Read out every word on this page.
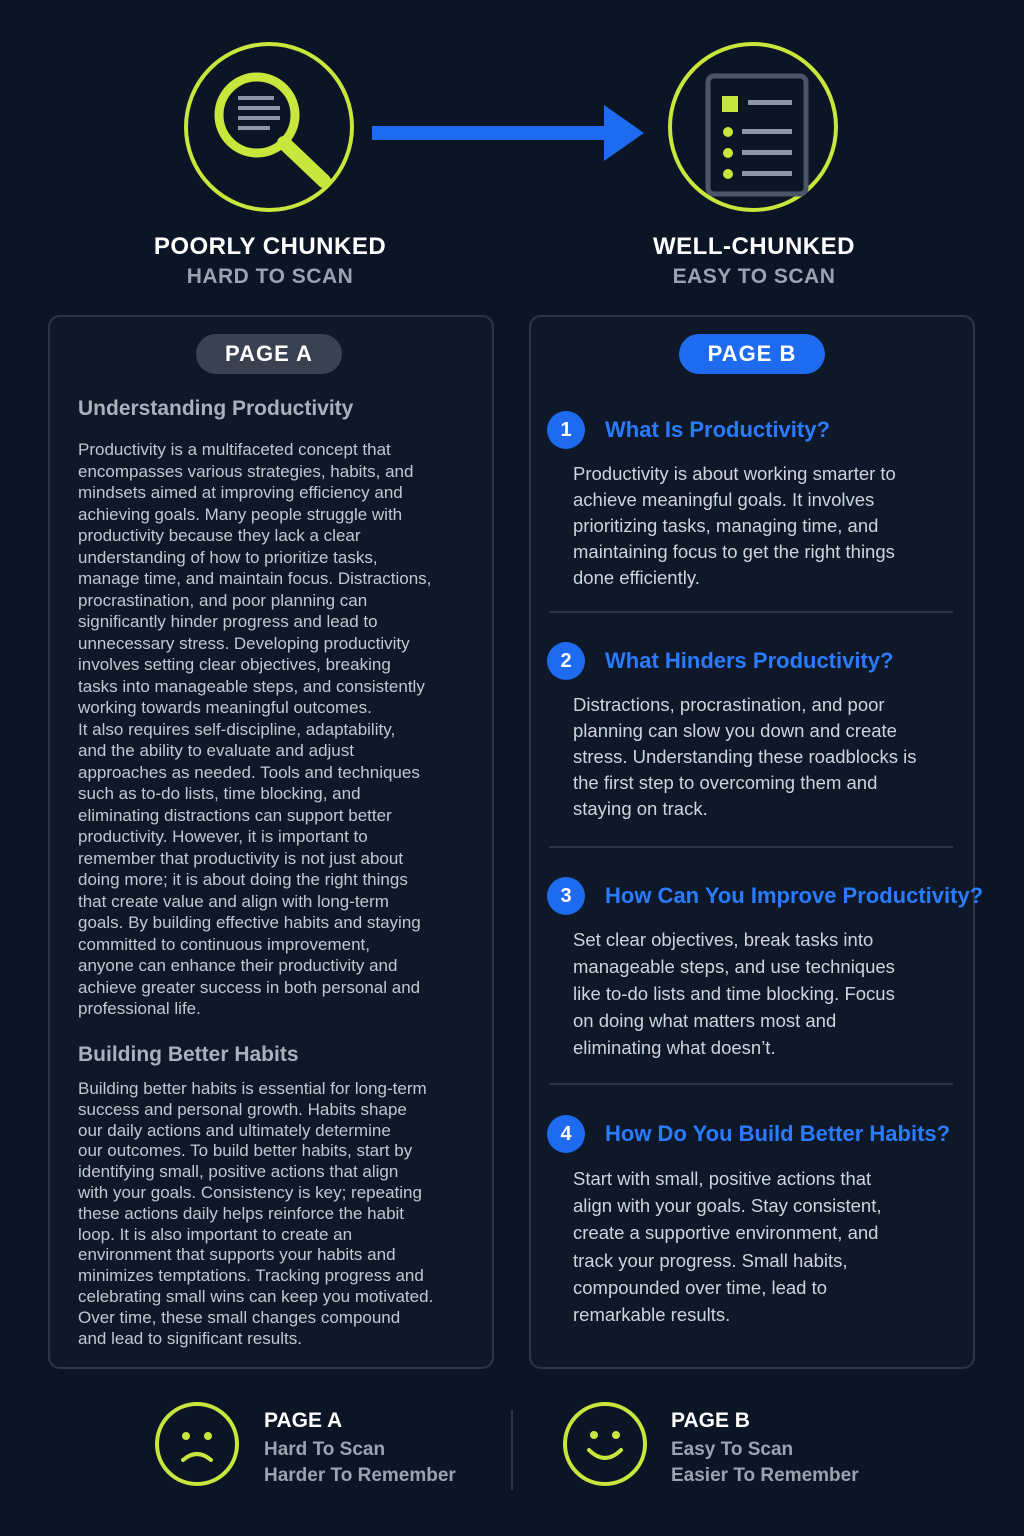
POORLY CHUNKED
HARD TO SCAN
WELL-CHUNKED
EASY TO SCAN
PAGE A
Understanding Productivity
Productivity is a multifaceted concept that
encompasses various strategies, habits, and
mindsets aimed at improving efficiency and
achieving goals. Many people struggle with
productivity because they lack a clear
understanding of how to prioritize tasks,
manage time, and maintain focus. Distractions,
procrastination, and poor planning can
significantly hinder progress and lead to
unnecessary stress. Developing productivity
involves setting clear objectives, breaking
tasks into manageable steps, and consistently
working towards meaningful outcomes.
It also requires self-discipline, adaptability,
and the ability to evaluate and adjust
approaches as needed. Tools and techniques
such as to-do lists, time blocking, and
eliminating distractions can support better
productivity. However, it is important to
remember that productivity is not just about
doing more; it is about doing the right things
that create value and align with long-term
goals. By building effective habits and staying
committed to continuous improvement,
anyone can enhance their productivity and
achieve greater success in both personal and
professional life.
Building Better Habits
Building better habits is essential for long-term
success and personal growth. Habits shape
our daily actions and ultimately determine
our outcomes. To build better habits, start by
identifying small, positive actions that align
with your goals. Consistency is key; repeating
these actions daily helps reinforce the habit
loop. It is also important to create an
environment that supports your habits and
minimizes temptations. Tracking progress and
celebrating small wins can keep you motivated.
Over time, these small changes compound
and lead to significant results.
PAGE B
1	What Is Productivity?
Productivity is about working smarter to
achieve meaningful goals. It involves
prioritizing tasks, managing time, and
maintaining focus to get the right things
done efficiently.
2	What Hinders Productivity?
Distractions, procrastination, and poor
planning can slow you down and create
stress. Understanding these roadblocks is
the first step to overcoming them and
staying on track.
3	How Can You Improve Productivity?
Set clear objectives, break tasks into
manageable steps, and use techniques
like to-do lists and time blocking. Focus
on doing what matters most and
eliminating what doesn’t.
4	How Do You Build Better Habits?
Start with small, positive actions that
align with your goals. Stay consistent,
create a supportive environment, and
track your progress. Small habits,
compounded over time, lead to
remarkable results.
PAGE A
Hard To Scan
Harder To Remember
PAGE B
Easy To Scan
Easier To Remember
